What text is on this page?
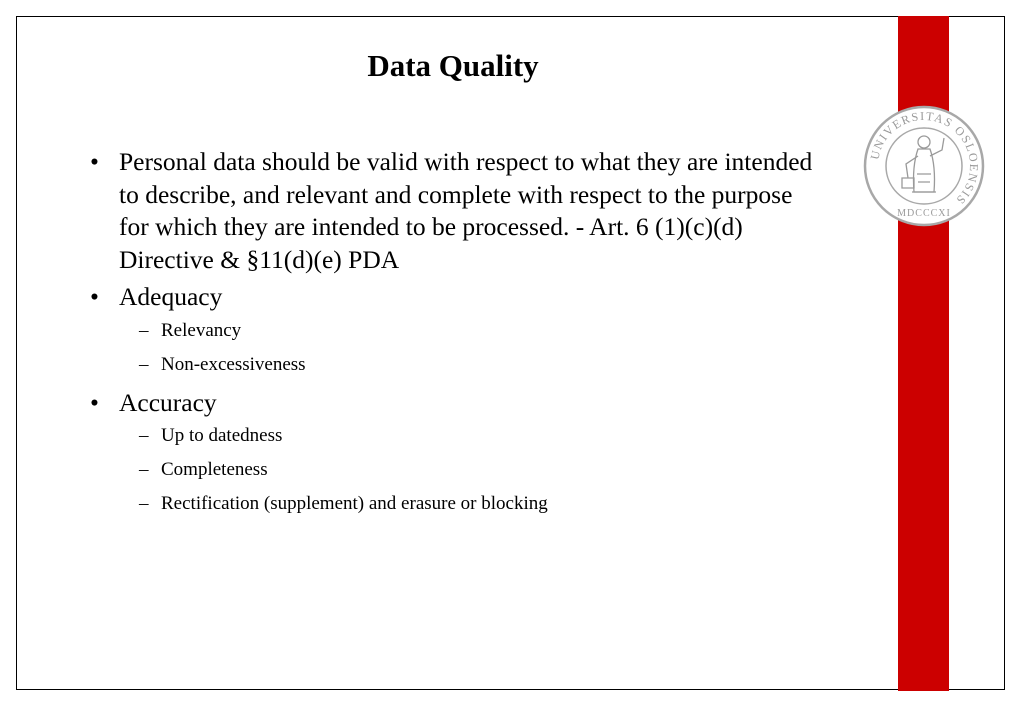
Data Quality
• Personal data should be valid with respect to what they are intended to describe, and relevant and complete with respect to the purpose for which they are intended to be processed. - Art. 6 (1)(c)(d) Directive & §11(d)(e) PDA
• Adequacy
– Relevancy
– Non-excessiveness
• Accuracy
– Up to datedness
– Completeness
– Rectification (supplement) and erasure or blocking
UNIVERSITAS OSLOENSIS
MDCCCXI
